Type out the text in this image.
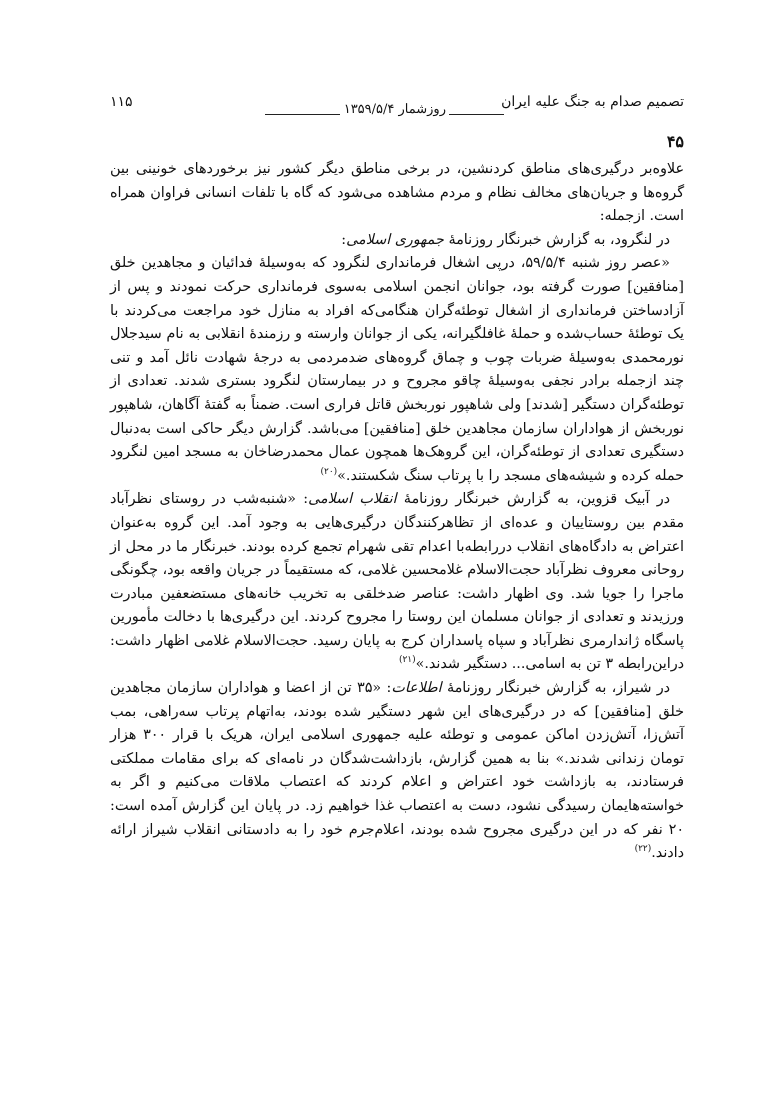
تصمیم صدام به جنگ علیه ایران
روزشمار ۱۳۵۹/۵/۴
۱۱۵
۴۵

علاوه‌بر درگیری‌های مناطق کردنشین، در برخی مناطق دیگر کشور نیز برخوردهای خونینی بین گروه‌ها و جریان‌های مخالف نظام و مردم مشاهده می‌شود که گاه با تلفات انسانی فراوان همراه است. ازجمله:

در لنگرود، به گزارش خبرنگار روزنامهٔ جمهوری اسلامی:

«عصر روز شنبه ۵۹/۵/۴، درپی اشغال فرمانداری لنگرود که به‌وسیلهٔ فدائیان و مجاهدین خلق [منافقین] صورت گرفته بود، جوانان انجمن اسلامی به‌سوی فرمانداری حرکت نمودند و پس از آزادساختن فرمانداری از اشغال توطئه‌گران هنگامی‌که افراد به منازل خود مراجعت می‌کردند با یک توطئهٔ حساب‌شده و حملهٔ غافلگیرانه، یکی از جوانان وارسته و رزمندهٔ انقلابی به نام سیدجلال نورمحمدی به‌وسیلهٔ ضربات چوب و چماق گروه‌های ضدمردمی به درجهٔ شهادت نائل آمد و تنی چند ازجمله برادر نجفی به‌وسیلهٔ چاقو مجروح و در بیمارستان لنگرود بستری شدند. تعدادی از توطئه‌گران دستگیر [شدند] ولی شاهپور نوربخش قاتل فراری است. ضمناً به گفتهٔ آگاهان، شاهپور نوربخش از هواداران سازمان مجاهدین خلق [منافقین] می‌باشد. گزارش دیگر حاکی است به‌دنبال دستگیری تعدادی از توطئه‌گران، این گروهک‌ها همچون عمال محمدرضاخان به مسجد امین لنگرود حمله کرده و شیشه‌های مسجد را با پرتاب سنگ شکستند.»$^{(۲۰)}$

در آبیک قزوین، به گزارش خبرنگار روزنامهٔ انقلاب اسلامی: «شنبه‌شب در روستای نظرآباد مقدم بین روستاییان و عده‌ای از تظاهرکنندگان درگیری‌هایی به وجود آمد. این گروه به‌عنوان اعتراض به دادگاه‌های انقلاب دررابطه‌با اعدام تقی شهرام تجمع کرده بودند. خبرنگار ما در محل از روحانی معروف نظرآباد حجت‌الاسلام غلامحسین غلامی، که مستقیماً در جریان واقعه بود، چگونگی ماجرا را جویا شد. وی اظهار داشت: عناصر ضدخلقی به تخریب خانه‌های مستضعفین مبادرت ورزیدند و تعدادی از جوانان مسلمان این روستا را مجروح کردند. این درگیری‌ها با دخالت مأمورین پاسگاه ژاندارمری نظرآباد و سپاه پاسداران کرج به پایان رسید. حجت‌الاسلام غلامی اظهار داشت: دراین‌رابطه ۳ تن به اسامی... دستگیر شدند.»$^{(۲۱)}$

در شیراز، به گزارش خبرنگار روزنامهٔ اطلاعات: «۳۵ تن از اعضا و هواداران سازمان مجاهدین خلق [منافقین] که در درگیری‌های این شهر دستگیر شده بودند، به‌اتهام پرتاب سه‌راهی، بمب آتش‌زا، آتش‌زدن اماکن عمومی و توطئه علیه جمهوری اسلامی ایران، هریک با قرار ۳۰۰ هزار تومان زندانی شدند.» بنا به همین گزارش، بازداشت‌شدگان در نامه‌ای که برای مقامات مملکتی فرستادند، به بازداشت خود اعتراض و اعلام کردند که اعتصاب ملاقات می‌کنیم و اگر به خواسته‌هایمان رسیدگی نشود، دست به اعتصاب غذا خواهیم زد. در پایان این گزارش آمده است: ۲۰ نفر که در این درگیری مجروح شده بودند، اعلام‌جرم خود را به دادستانی انقلاب شیراز ارائه دادند.$^{(۲۲)}$
